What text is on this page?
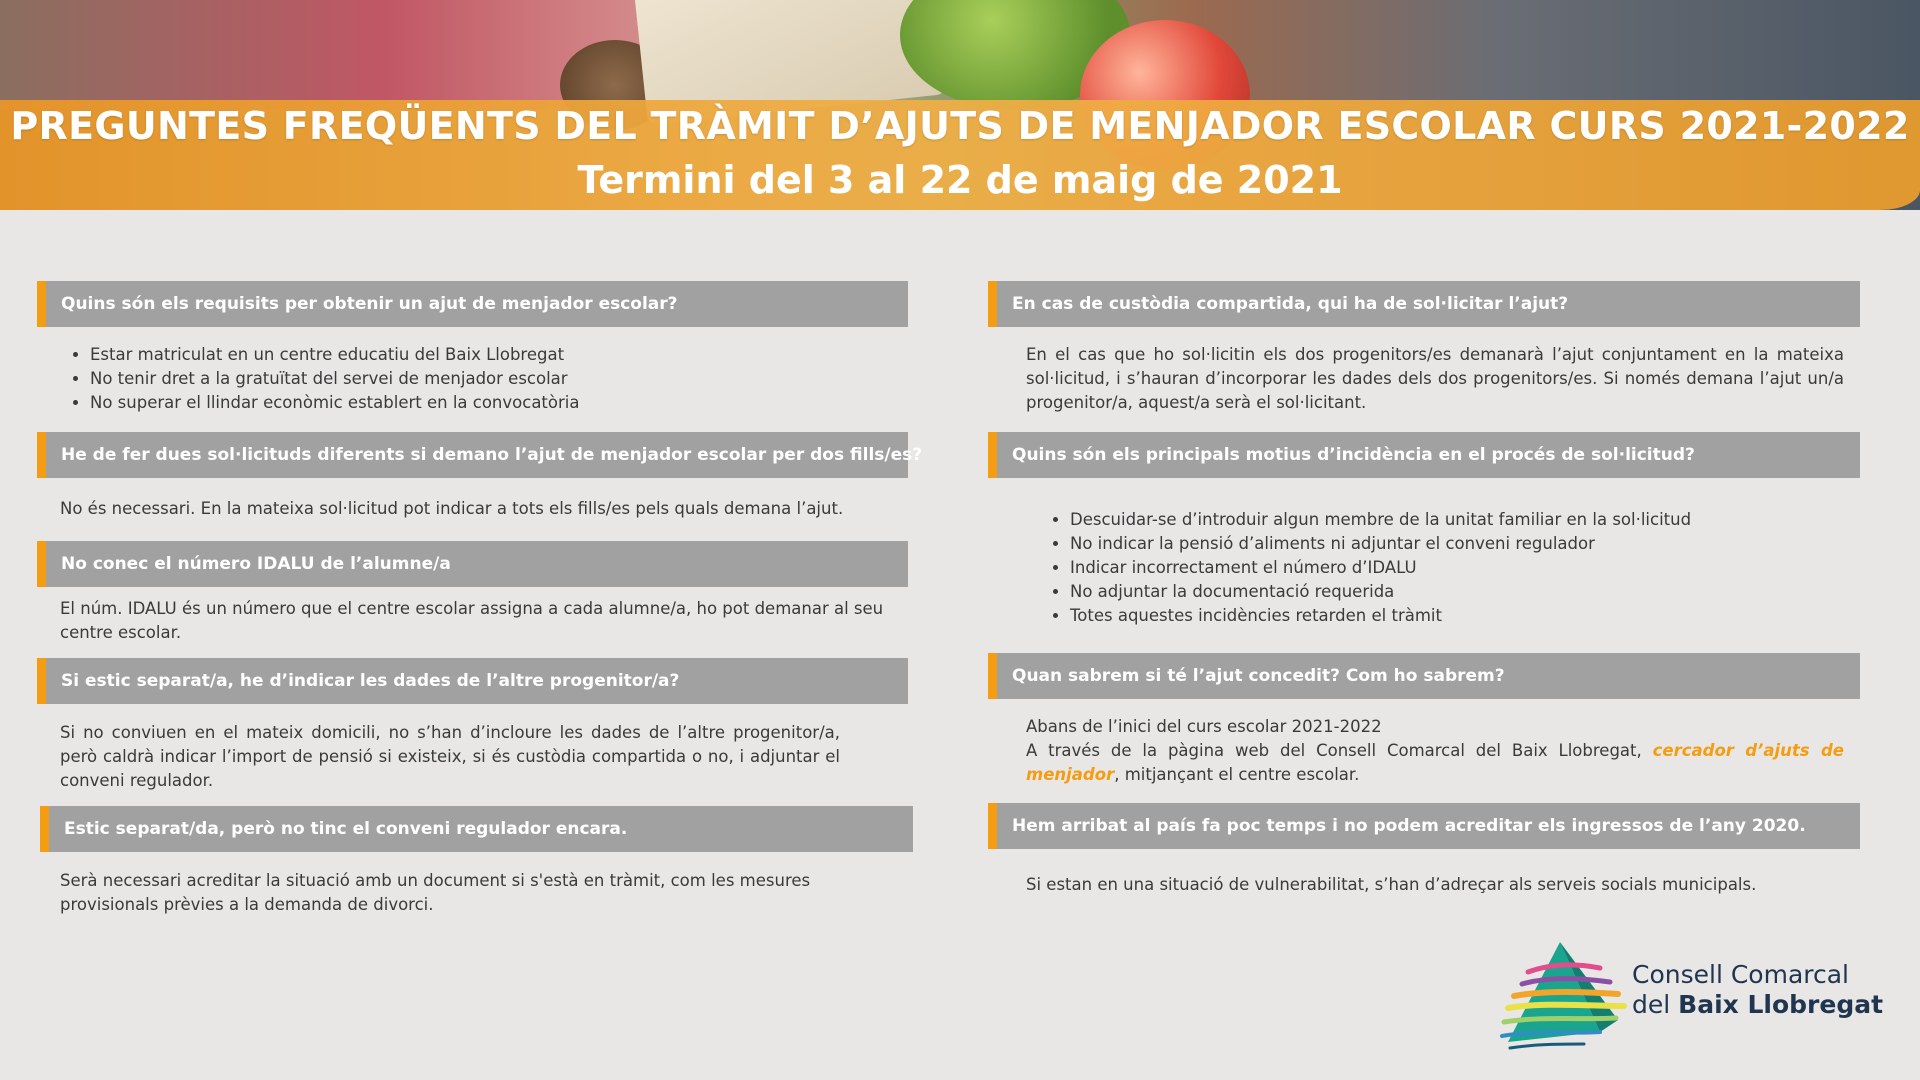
PREGUNTES FREQÜENTS DEL TRÀMIT D’AJUTS DE MENJADOR ESCOLAR CURS 2021-2022
Termini del 3 al 22 de maig de 2021
Quins són els requisits per obtenir un ajut de menjador escolar?
• Estar matriculat en un centre educatiu del Baix Llobregat
• No tenir dret a la gratuïtat del servei de menjador escolar
• No superar el llindar econòmic establert en la convocatòria
He de fer dues sol·licituds diferents si demano l’ajut de menjador escolar per dos fills/es?

No és necessari. En la mateixa sol·licitud pot indicar a tots els fills/es pels quals demana l’ajut.

No conec el número IDALU de l’alumne/a

El núm. IDALU és un número que el centre escolar assigna a cada alumne/a, ho pot demanar al seu centre escolar.

Si estic separat/a, he d’indicar les dades de l’altre progenitor/a?

Si no conviuen en el mateix domicili, no s’han d’incloure les dades de l’altre progenitor/a, però caldrà indicar l’import de pensió si existeix, si és custòdia compartida o no, i adjuntar el conveni regulador.

Estic separat/da, però no tinc el conveni regulador encara.

Serà necessari acreditar la situació amb un document si s'està en tràmit, com les mesures provisionals prèvies a la demanda de divorci.

En cas de custòdia compartida, qui ha de sol·licitar l’ajut?

En el cas que ho sol·licitin els dos progenitors/es demanarà l’ajut conjuntament en la mateixa sol·licitud, i s’hauran d’incorporar les dades dels dos progenitors/es. Si només demana l’ajut un/a progenitor/a, aquest/a serà el sol·licitant.

Quins són els principals motius d’incidència en el procés de sol·licitud?
• Descuidar-se d’introduir algun membre de la unitat familiar en la sol·licitud
• No indicar la pensió d’aliments ni adjuntar el conveni regulador
• Indicar incorrectament el número d’IDALU
• No adjuntar la documentació requerida
• Totes aquestes incidències retarden el tràmit
Quan sabrem si té l’ajut concedit? Com ho sabrem?

Abans de l’inici del curs escolar 2021-2022

A través de la pàgina web del Consell Comarcal del Baix Llobregat, cercador d’ajuts de menjador, mitjançant el centre escolar.

Hem arribat al país fa poc temps i no podem acreditar els ingressos de l’any 2020.

Si estan en una situació de vulnerabilitat, s’han d’adreçar als serveis socials municipals.

Consell Comarcal
del Baix Llobregat
